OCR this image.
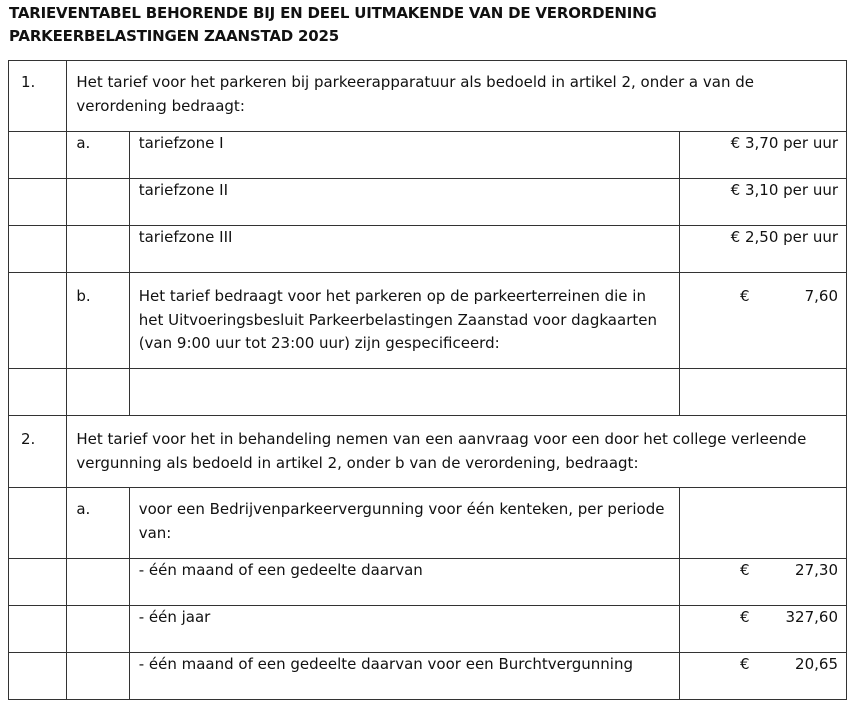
TARIEVENTABEL BEHORENDE BIJ EN DEEL UITMAKENDE VAN DE VERORDENING PARKEERBELASTINGEN ZAANSTAD 2025
1.	Het tarief voor het parkeren bij parkeerapparatuur als bedoeld in artikel 2, onder a van de verordening bedraagt:		

	a.	tariefzone I	€ 3,70 per uur

		tariefzone II	€ 3,10 per uur

		tariefzone III	€ 2,50 per uur

	b.	Het tarief bedraagt voor het parkeren op de parkeerterreinen die in het Uitvoeringsbesluit Parkeerbelastingen Zaanstad voor dagkaarten (van 9:00 uur tot 23:00 uur) zijn gespecificeerd:	€ 7,60

2.	Het tarief voor het in behandeling nemen van een aanvraag voor een door het college verleende vergunning als bedoeld in artikel 2, onder b van de verordening, bedraagt:		

	a.	voor een Bedrijvenparkeervergunning voor één kenteken, per periode van:	

		- één maand of een gedeelte daarvan	€ 27,30

		- één jaar	€ 327,60

		- één maand of een gedeelte daarvan voor een Burchtvergunning	€ 20,65
